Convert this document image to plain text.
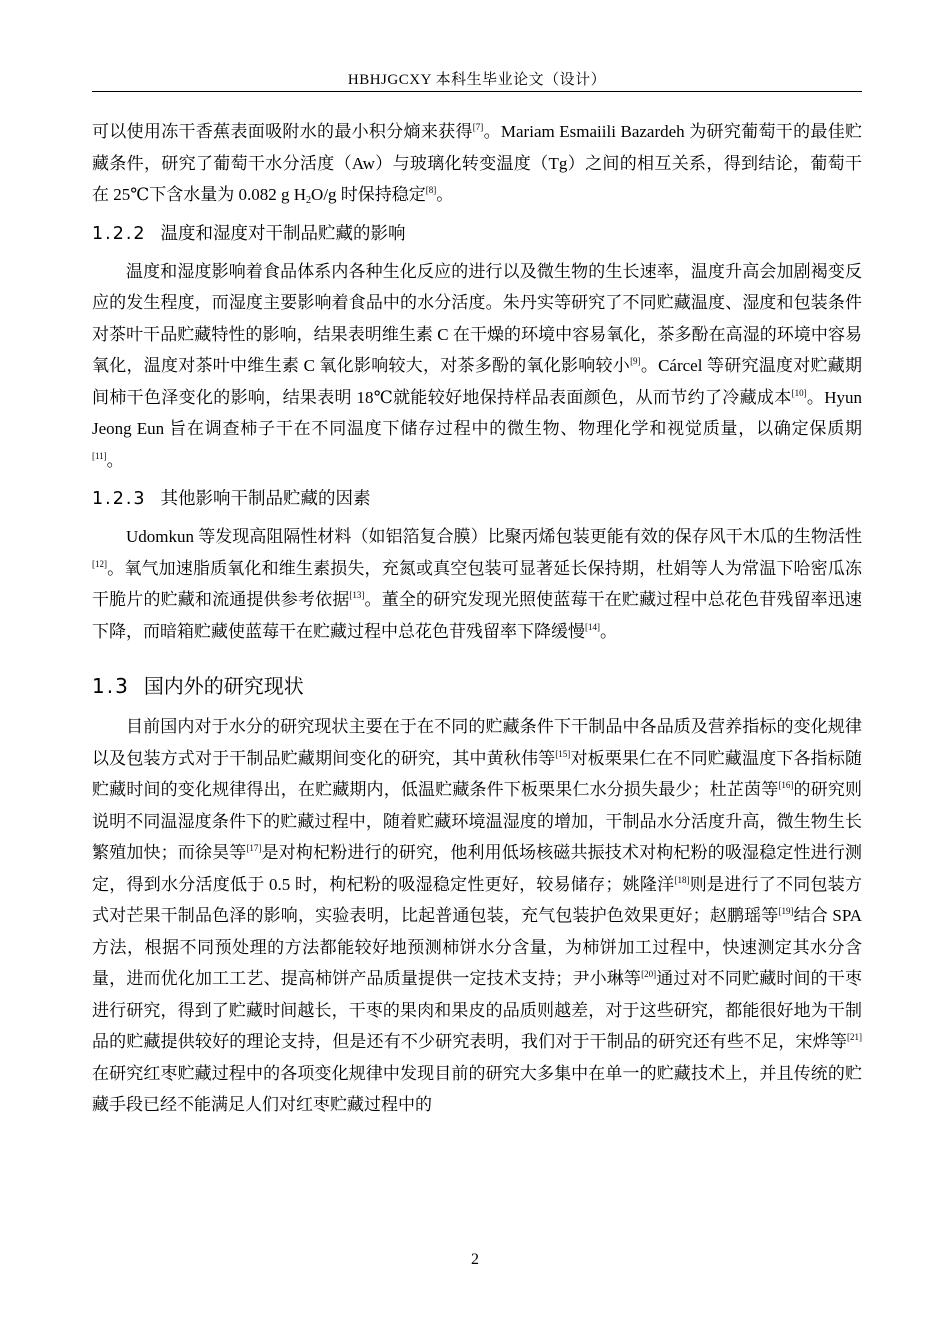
HBHJGCXY 本科生毕业论文（设计）

可以使用冻干香蕉表面吸附水的最小积分熵来获得[7]。Mariam Esmaiili Bazardeh 为研究葡萄干的最佳贮藏条件，研究了葡萄干水分活度（Aw）与玻璃化转变温度（Tg）之间的相互关系，得到结论，葡萄干在 25℃下含水量为 0.082 g $H_2O/g$ 时保持稳定[8]。

1.2.2 温度和湿度对干制品贮藏的影响

温度和湿度影响着食品体系内各种生化反应的进行以及微生物的生长速率，温度升高会加剧褐变反应的发生程度，而湿度主要影响着食品中的水分活度。朱丹实等研究了不同贮藏温度、湿度和包装条件对茶叶干品贮藏特性的影响，结果表明维生素 C 在干燥的环境中容易氧化，茶多酚在高湿的环境中容易氧化，温度对茶叶中维生素 C 氧化影响较大，对茶多酚的氧化影响较小[9]。Cárcel 等研究温度对贮藏期间柿干色泽变化的影响，结果表明 18℃就能较好地保持样品表面颜色，从而节约了冷藏成本[10]。Hyun Jeong Eun 旨在调查柿子干在不同温度下储存过程中的微生物、物理化学和视觉质量，以确定保质期[11]。

1.2.3 其他影响干制品贮藏的因素

Udomkun 等发现高阻隔性材料（如铝箔复合膜）比聚丙烯包装更能有效的保存风干木瓜的生物活性[12]。氧气加速脂质氧化和维生素损失，充氮或真空包装可显著延长保持期，杜娟等人为常温下哈密瓜冻干脆片的贮藏和流通提供参考依据[13]。董全的研究发现光照使蓝莓干在贮藏过程中总花色苷残留率迅速下降，而暗箱贮藏使蓝莓干在贮藏过程中总花色苷残留率下降缓慢[14]。

1.3 国内外的研究现状

目前国内对于水分的研究现状主要在于在不同的贮藏条件下干制品中各品质及营养指标的变化规律以及包装方式对于干制品贮藏期间变化的研究，其中黄秋伟等[15]对板栗果仁在不同贮藏温度下各指标随贮藏时间的变化规律得出，在贮藏期内，低温贮藏条件下板栗果仁水分损失最少；杜芷茵等[16]的研究则说明不同温湿度条件下的贮藏过程中，随着贮藏环境温湿度的增加，干制品水分活度升高，微生物生长繁殖加快；而徐昊等[17]是对枸杞粉进行的研究，他利用低场核磁共振技术对枸杞粉的吸湿稳定性进行测定，得到水分活度低于 0.5 时，枸杞粉的吸湿稳定性更好，较易储存；姚隆洋[18]则是进行了不同包装方式对芒果干制品色泽的影响，实验表明，比起普通包装，充气包装护色效果更好；赵鹏瑶等[19]结合 SPA 方法，根据不同预处理的方法都能较好地预测柿饼水分含量，为柿饼加工过程中，快速测定其水分含量，进而优化加工工艺、提高柿饼产品质量提供一定技术支持；尹小琳等[20]通过对不同贮藏时间的干枣进行研究，得到了贮藏时间越长，干枣的果肉和果皮的品质则越差，对于这些研究，都能很好地为干制品的贮藏提供较好的理论支持，但是还有不少研究表明，我们对于干制品的研究还有些不足，宋烨等[21]在研究红枣贮藏过程中的各项变化规律中发现目前的研究大多集中在单一的贮藏技术上，并且传统的贮藏手段已经不能满足人们对红枣贮藏过程中的

2
